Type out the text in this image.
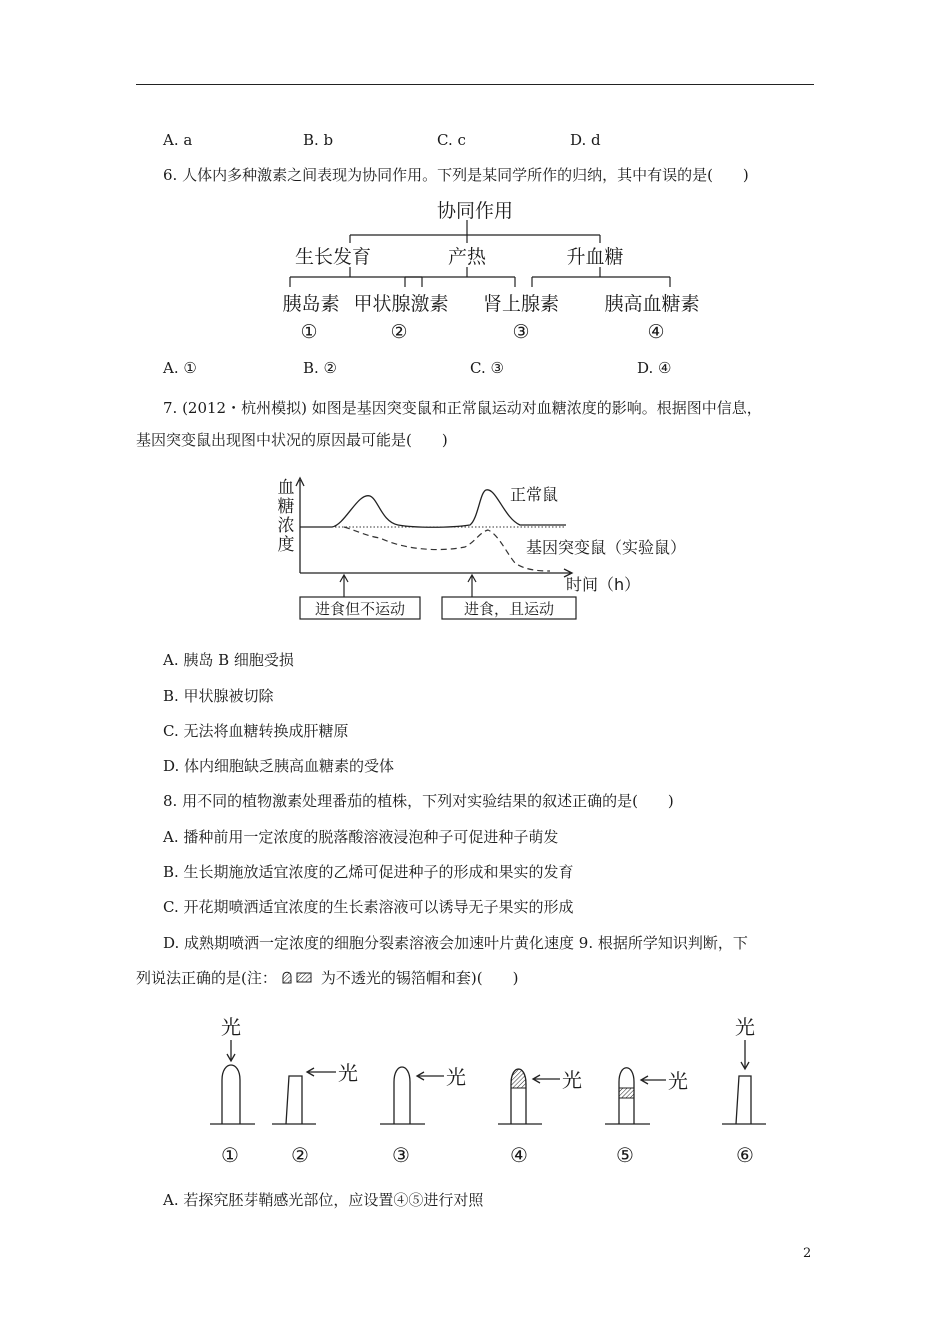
A. a	B. b	C. c	D. d
6. 人体内多种激素之间表现为协同作用。下列是某同学所作的归纳，其中有误的是(　　)
协同作用
生长发育	产热	升血糖
胰岛素 甲状腺激素 肾上腺素 胰高血糖素
①	②	③	④
A. ①	B. ②	C. ③	D. ④
7. (2012・杭州模拟) 如图是基因突变鼠和正常鼠运动对血糖浓度的影响。根据图中信息，
基因突变鼠出现图中状况的原因最可能是(　　)
血
糖
浓
度
正常鼠
基因突变鼠（实验鼠）
时间（h）
进食但不运动	进食，且运动
A. 胰岛 B 细胞受损
B. 甲状腺被切除
C. 无法将血糖转换成肝糖原
D. 体内细胞缺乏胰高血糖素的受体
8. 用不同的植物激素处理番茄的植株，下列对实验结果的叙述正确的是(　　)
A. 播种前用一定浓度的脱落酸溶液浸泡种子可促进种子萌发
B. 生长期施放适宜浓度的乙烯可促进种子的形成和果实的发育
C. 开花期喷洒适宜浓度的生长素溶液可以诱导无子果实的形成
D. 成熟期喷洒一定浓度的细胞分裂素溶液会加速叶片黄化速度 9. 根据所学知识判断，下
列说法正确的是(注：	为不透光的锡箔帽和套)(　　)
光
光	光	光	光
光
①	②	③	④	⑤	⑥
A. 若探究胚芽鞘感光部位，应设置④⑤进行对照
2
